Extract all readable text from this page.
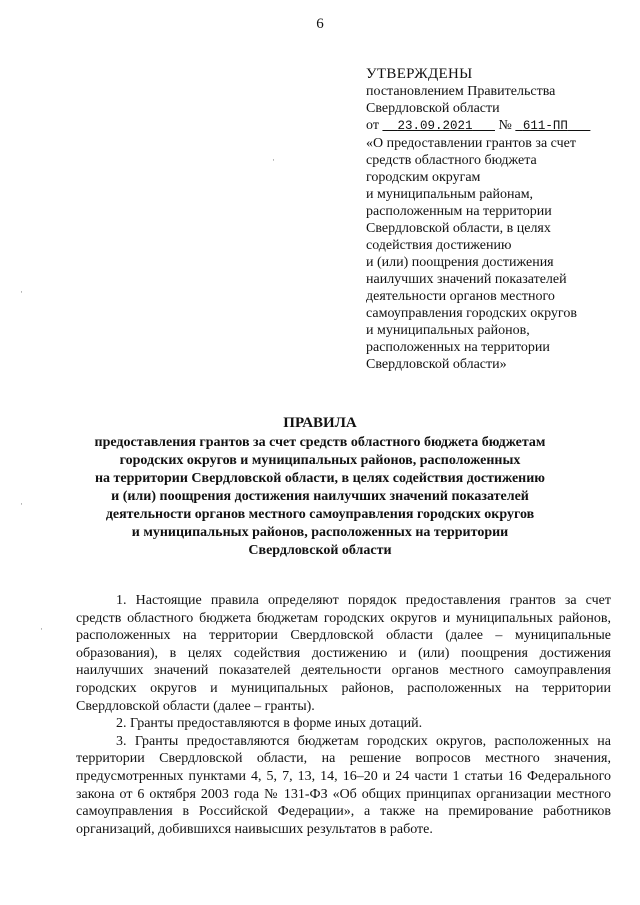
6
·
·
·
·
УТВЕРЖДЕНЫ
постановлением Правительства
Свердловской области
от   23.09.2021 №  611-ПП
«О предоставлении грантов за счет
средств областного бюджета
городским округам
и муниципальным районам,
расположенным на территории
Свердловской области, в целях
содействия достижению
и (или) поощрения достижения
наилучших значений показателей
деятельности органов местного
самоуправления городских округов
и муниципальных районов,
расположенных на территории
Свердловской области»
ПРАВИЛА
предоставления грантов за счет средств областного бюджета бюджетам
городских округов и муниципальных районов, расположенных
на территории Свердловской области, в целях содействия достижению
и (или) поощрения достижения наилучших значений показателей
деятельности органов местного самоуправления городских округов
и муниципальных районов, расположенных на территории
Свердловской области

1. Настоящие правила определяют порядок предоставления грантов за счет средств областного бюджета бюджетам городских округов и муниципальных районов, расположенных на территории Свердловской области (далее – муниципальные образования), в целях содействия достижению и (или) поощрения достижения наилучших значений показателей деятельности органов местного самоуправления городских округов и муниципальных районов, расположенных на территории Свердловской области (далее – гранты).

2. Гранты предоставляются в форме иных дотаций.

3. Гранты предоставляются бюджетам городских округов, расположенных на территории Свердловской области, на решение вопросов местного значения, предусмотренных пунктами 4, 5, 7, 13, 14, 16–20 и 24 части 1 статьи 16 Федерального закона от 6 октября 2003 года № 131-ФЗ «Об общих принципах организации местного самоуправления в Российской Федерации», а также на премирование работников организаций, добившихся наивысших результатов в работе.
